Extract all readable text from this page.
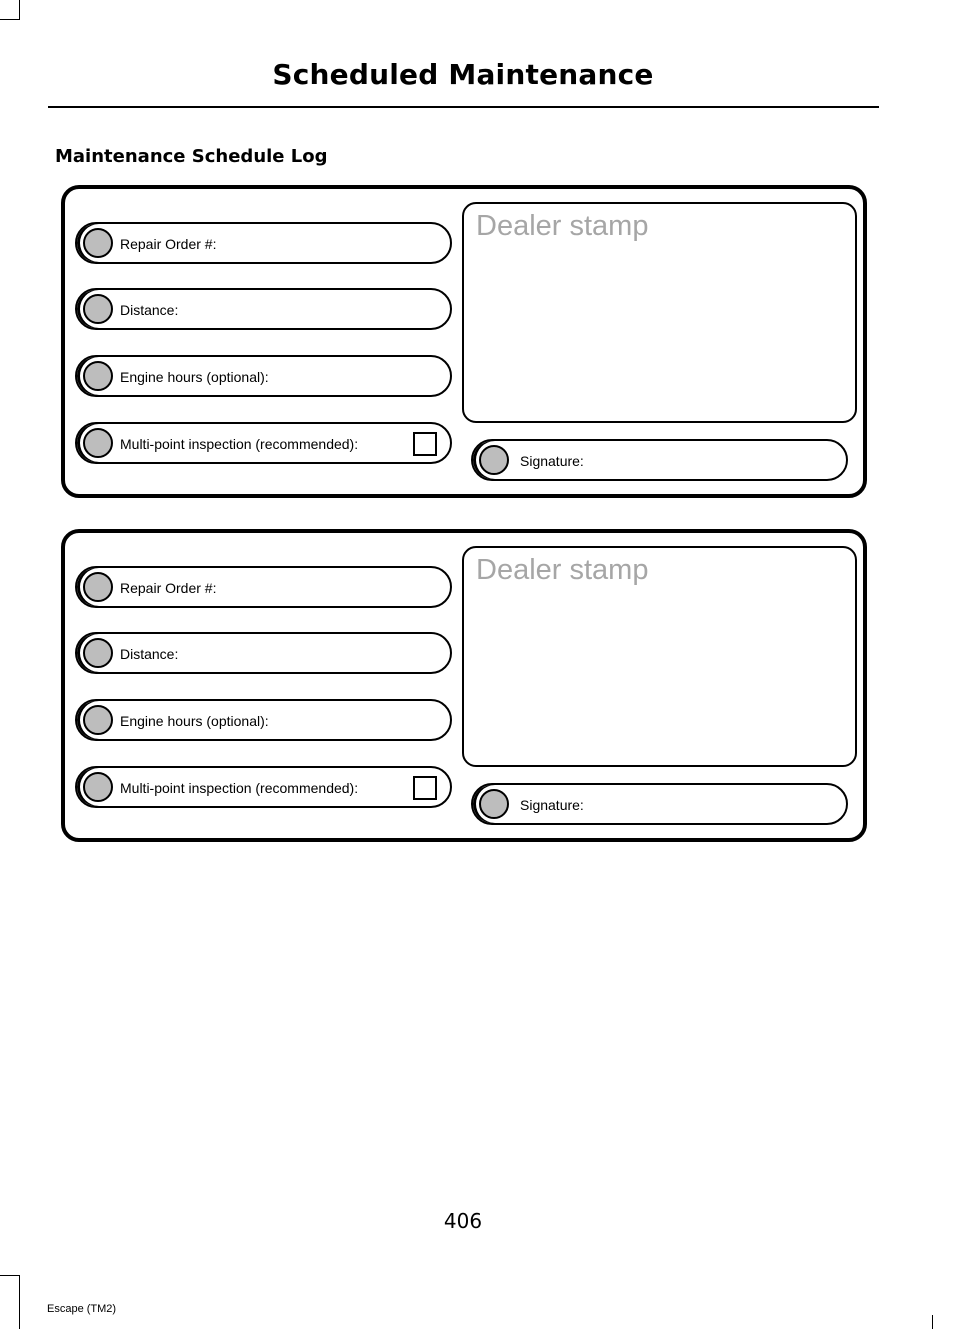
Scheduled Maintenance
Maintenance Schedule Log
Repair Order #:
Distance:
Engine hours (optional):
Multi-point inspection (recommended):
Dealer stamp
Signature:
Repair Order #:
Distance:
Engine hours (optional):
Multi-point inspection (recommended):
Dealer stamp
Signature:
406
Escape (TM2)
